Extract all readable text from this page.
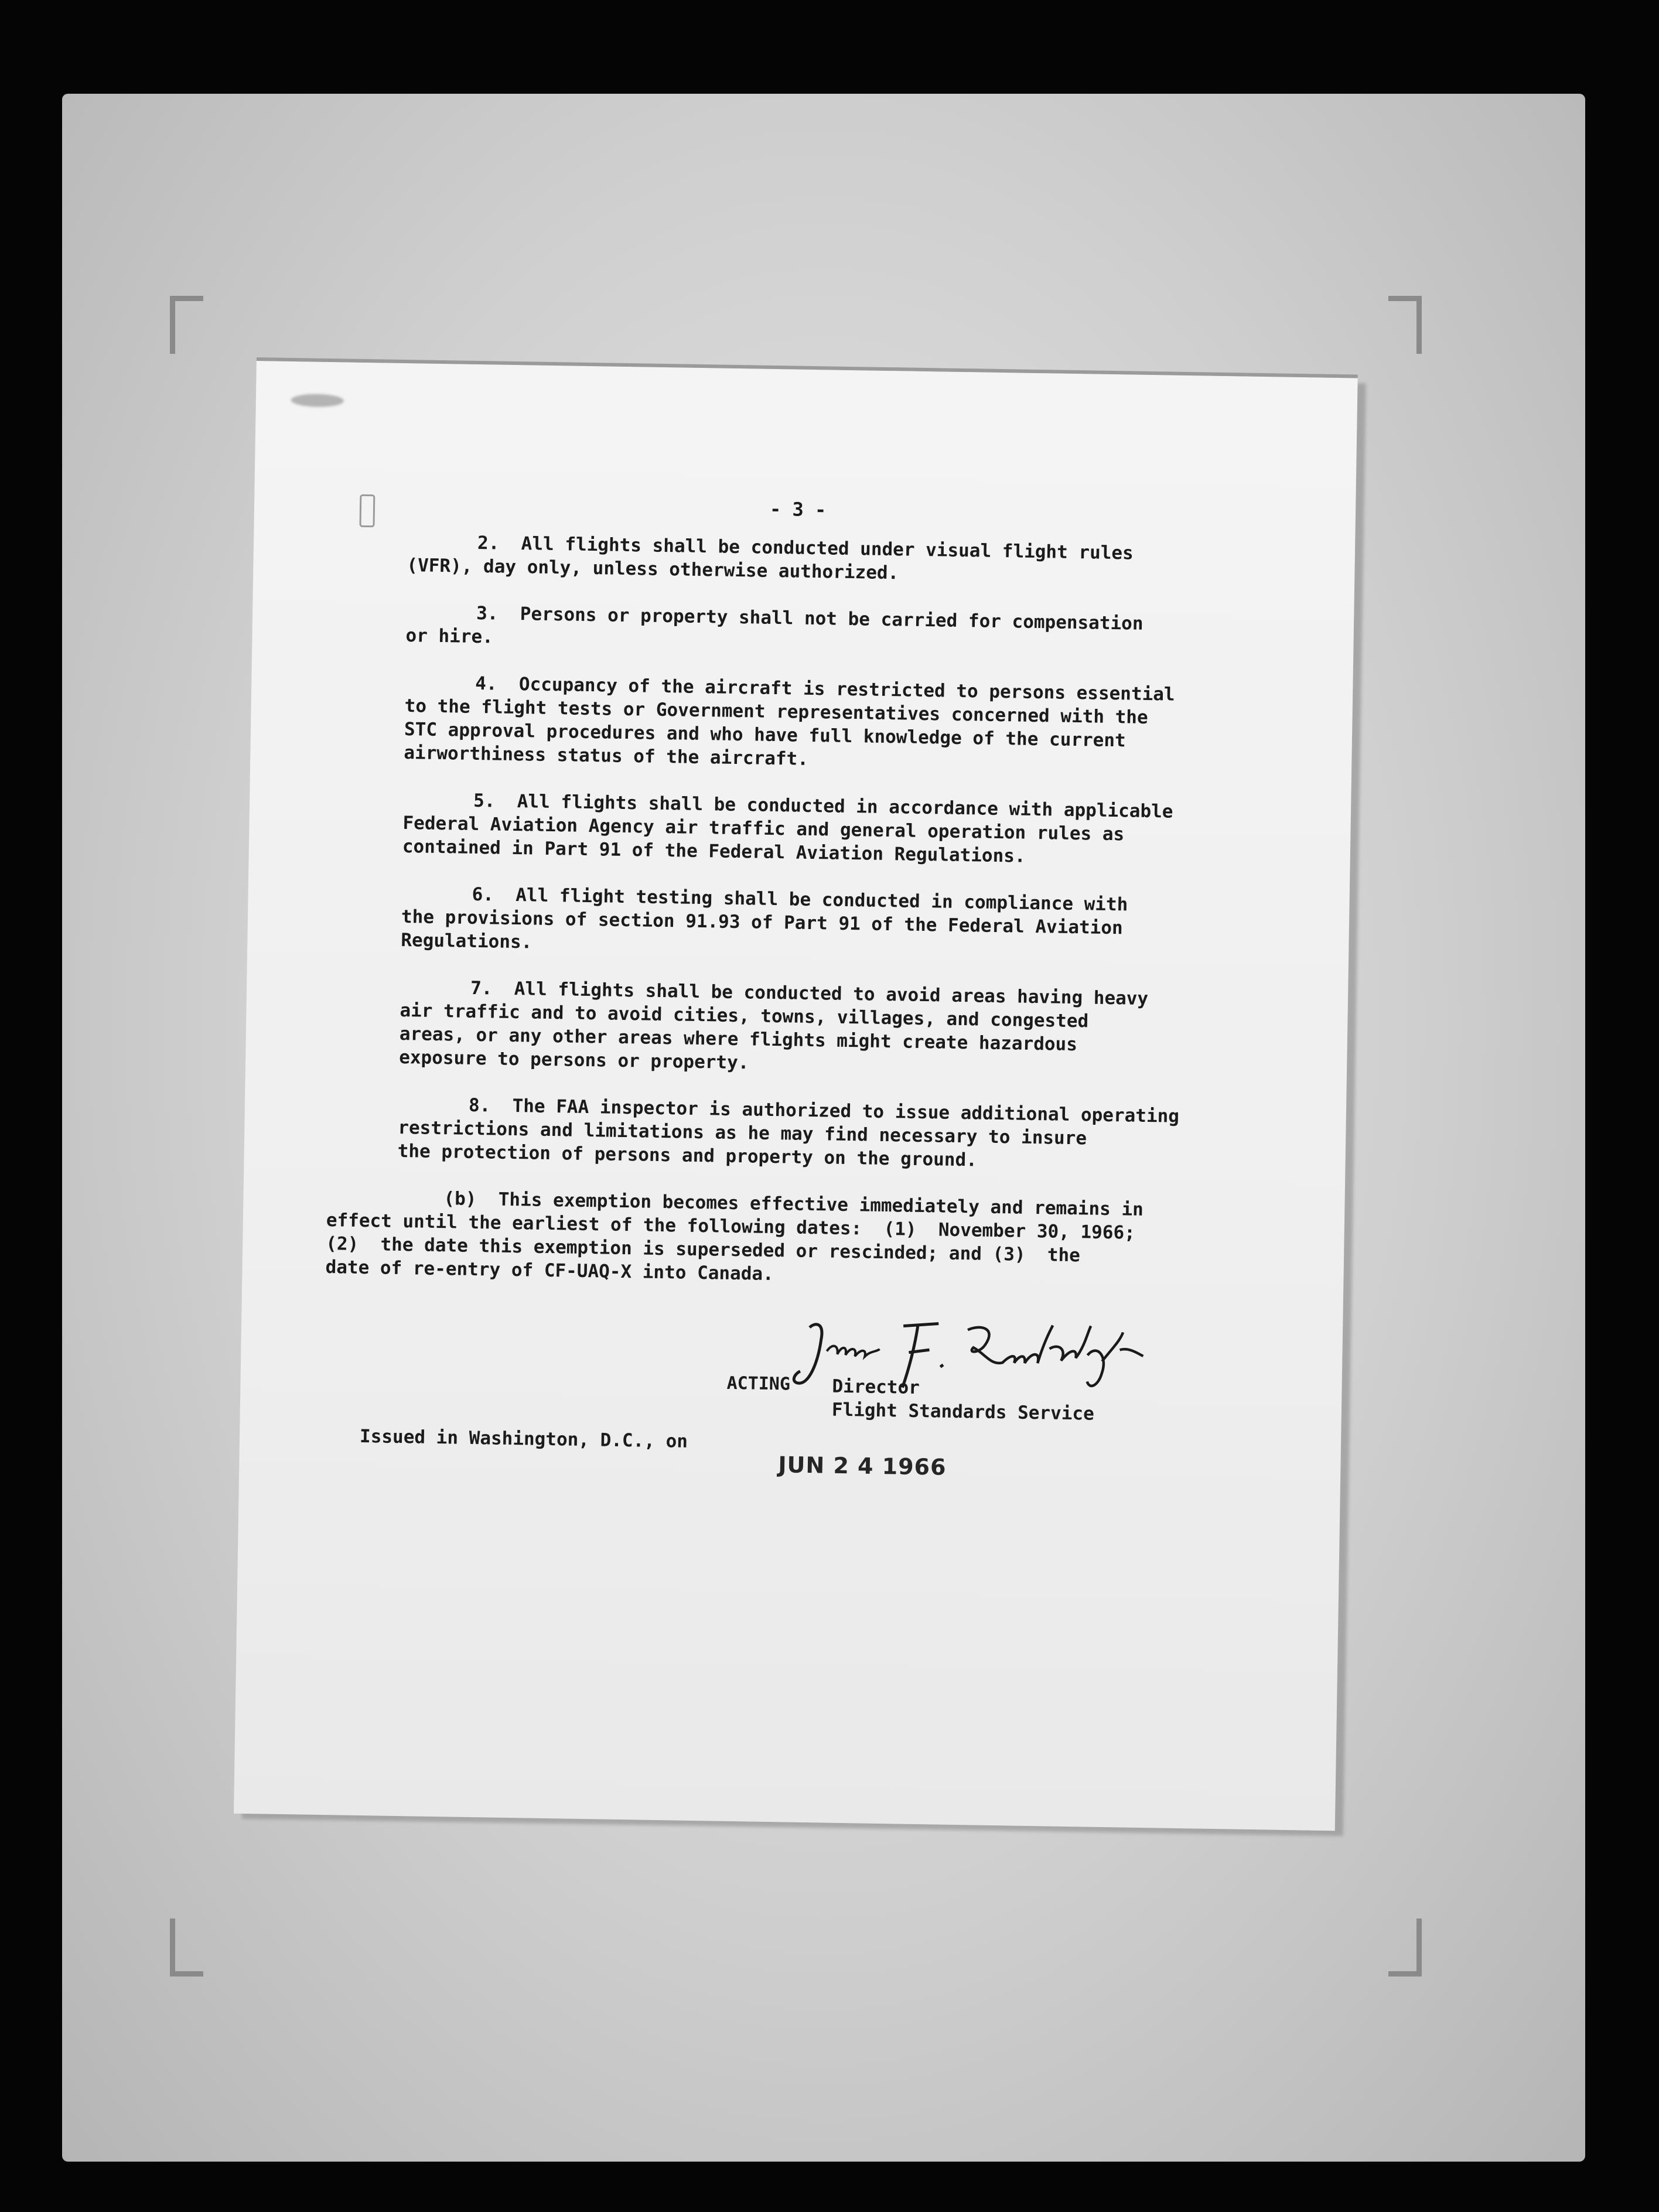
- 3 -

2.  All flights shall be conducted under visual flight rules
(VFR), day only, unless otherwise authorized.

3.  Persons or property shall not be carried for compensation
or hire.

4.  Occupancy of the aircraft is restricted to persons essential
to the flight tests or Government representatives concerned with the
STC approval procedures and who have full knowledge of the current
airworthiness status of the aircraft.

5.  All flights shall be conducted in accordance with applicable
Federal Aviation Agency air traffic and general operation rules as
contained in Part 91 of the Federal Aviation Regulations.

6.  All flight testing shall be conducted in compliance with
the provisions of section 91.93 of Part 91 of the Federal Aviation
Regulations.

7.  All flights shall be conducted to avoid areas having heavy
air traffic and to avoid cities, towns, villages, and congested
areas, or any other areas where flights might create hazardous
exposure to persons or property.

8.  The FAA inspector is authorized to issue additional operating
restrictions and limitations as he may find necessary to insure
the protection of persons and property on the ground.

(b)  This exemption becomes effective immediately and remains in
effect until the earliest of the following dates:  (1)  November 30, 1966;
(2)  the date this exemption is superseded or rescinded; and (3)  the
date of re-entry of CF-UAQ-X into Canada.

ACTING Director
Flight Standards Service
Issued in Washington, D.C., on
JUN 2 4 1966
